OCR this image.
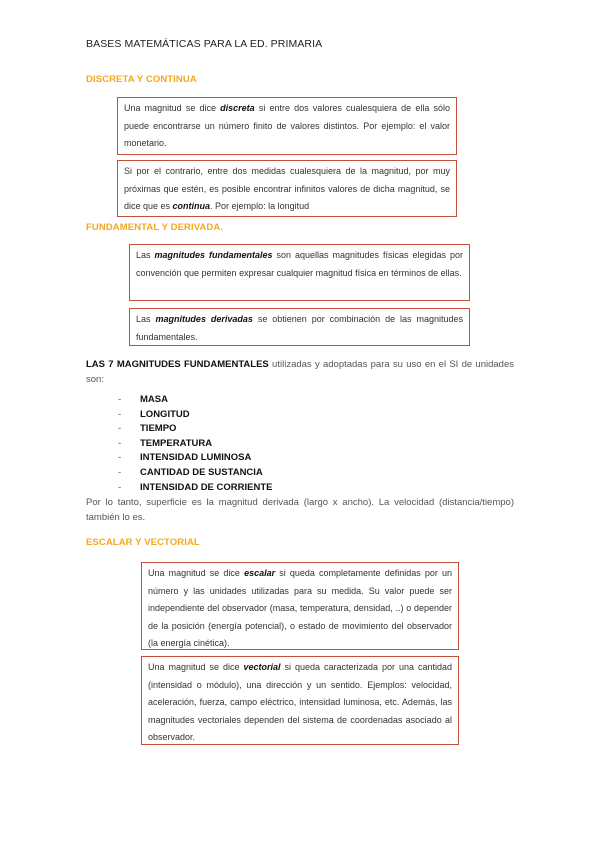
BASES MATEMÁTICAS PARA LA ED. PRIMARIA
DISCRETA Y CONTINUA
Una magnitud se dice discreta si entre dos valores cualesquiera de ella sólo puede encontrarse un número finito de valores distintos. Por ejemplo: el valor monetario.
Si por el contrario, entre dos medidas cualesquiera de la magnitud, por muy próximas que estén, es posible encontrar infinitos valores de dicha magnitud, se dice que es continua. Por ejemplo: la longitud
FUNDAMENTAL Y DERIVADA.
Las magnitudes fundamentales son aquellas magnitudes físicas elegidas por convención que permiten expresar cualquier magnitud física en términos de ellas.
Las magnitudes derivadas se obtienen por combinación de las magnitudes fundamentales.
LAS 7 MAGNITUDES FUNDAMENTALES utilizadas y adoptadas para su uso en el SI de unidades son:
- MASA
- LONGITUD
- TIEMPO
- TEMPERATURA
- INTENSIDAD LUMINOSA
- CANTIDAD DE SUSTANCIA
- INTENSIDAD DE CORRIENTE
Por lo tanto, superficie es la magnitud derivada (largo x ancho). La velocidad (distancia/tiempo) también lo es.
ESCALAR Y VECTORIAL
Una magnitud se dice escalar si queda completamente definidas por un número y las unidades utilizadas para su medida. Su valor puede ser independiente del observador (masa, temperatura, densidad, ..) o depender de la posición (energía potencial), o estado de movimiento del observador (la energía cinética).
Una magnitud se dice vectorial si queda caracterizada por una cantidad (intensidad o módulo), una dirección y un sentido. Ejemplos: velocidad, aceleración, fuerza, campo eléctrico, intensidad luminosa, etc. Además, las magnitudes vectoriales dependen del sistema de coordenadas asociado al observador.
